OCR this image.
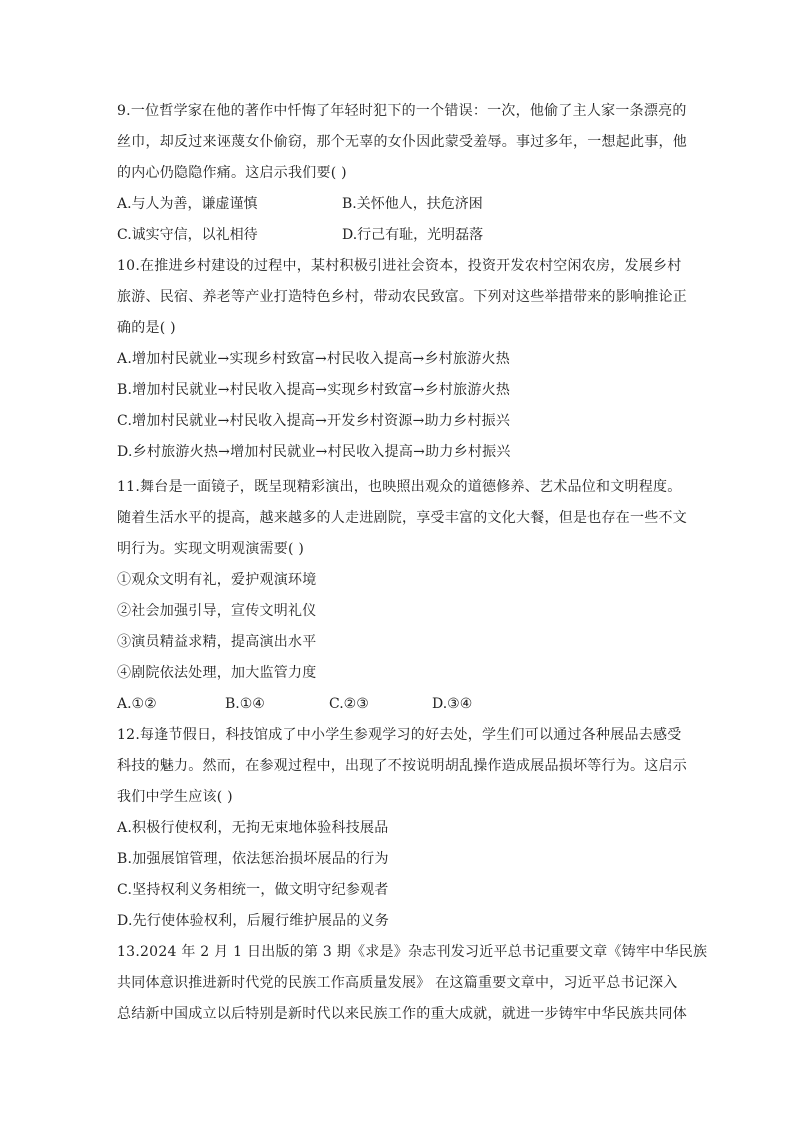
9.一位哲学家在他的著作中忏悔了年轻时犯下的一个错误：一次，他偷了主人家一条漂亮的
丝巾，却反过来诬蔑女仆偷窃，那个无辜的女仆因此蒙受羞辱。事过多年，一想起此事，他
的内心仍隐隐作痛。这启示我们要( )
A.与人为善，谦虚谨慎	B.关怀他人，扶危济困
C.诚实守信，以礼相待	D.行己有耻，光明磊落
10.在推进乡村建设的过程中，某村积极引进社会资本，投资开发农村空闲农房，发展乡村
旅游、民宿、养老等产业打造特色乡村，带动农民致富。下列对这些举措带来的影响推论正
确的是( )
A.增加村民就业→实现乡村致富→村民收入提高→乡村旅游火热
B.增加村民就业→村民收入提高→实现乡村致富→乡村旅游火热
C.增加村民就业→村民收入提高→开发乡村资源→助力乡村振兴
D.乡村旅游火热→增加村民就业→村民收入提高→助力乡村振兴
11.舞台是一面镜子，既呈现精彩演出，也映照出观众的道德修养、艺术品位和文明程度。
随着生活水平的提高，越来越多的人走进剧院，享受丰富的文化大餐，但是也存在一些不文
明行为。实现文明观演需要( )
①观众文明有礼，爱护观演环境
②社会加强引导，宣传文明礼仪
③演员精益求精，提高演出水平
④剧院依法处理，加大监管力度
A.①②	B.①④	C.②③	D.③④
12.每逢节假日，科技馆成了中小学生参观学习的好去处，学生们可以通过各种展品去感受
科技的魅力。然而，在参观过程中，出现了不按说明胡乱操作造成展品损坏等行为。这启示
我们中学生应该( )
A.积极行使权利，无拘无束地体验科技展品
B.加强展馆管理，依法惩治损坏展品的行为
C.坚持权利义务相统一，做文明守纪参观者
D.先行使体验权利，后履行维护展品的义务
13.2024 年 2 月 1 日出版的第 3 期《求是》杂志刊发习近平总书记重要文章《铸牢中华民族
共同体意识推进新时代党的民族工作高质量发展》 在这篇重要文章中，习近平总书记深入
总结新中国成立以后特别是新时代以来民族工作的重大成就，就进一步铸牢中华民族共同体
